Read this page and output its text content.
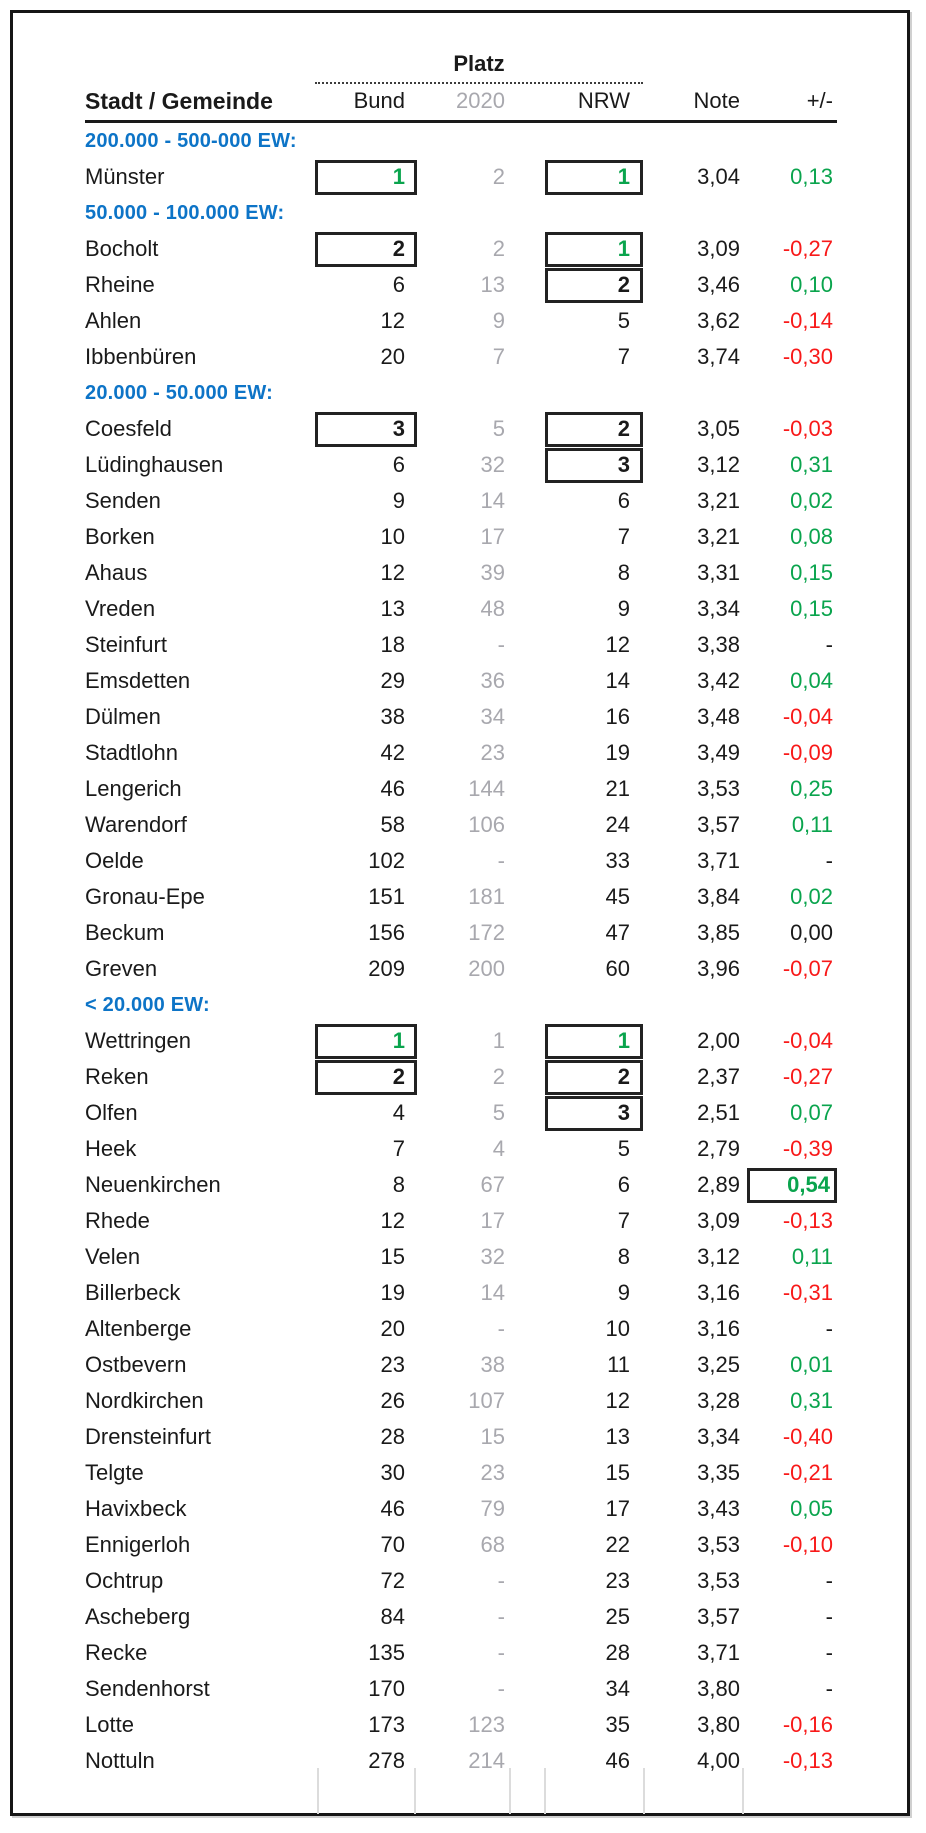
Platz
Stadt / Gemeinde	Bund	2020	NRW	Note	+/-
200.000 - 500-000 EW:
Münster	1	2	1	3,04	0,13
50.000 - 100.000 EW:
Bocholt	2	2	1	3,09	-0,27
Rheine	6	13	2	3,46	0,10
Ahlen	12	9	5	3,62	-0,14
Ibbenbüren	20	7	7	3,74	-0,30
20.000 - 50.000 EW:
Coesfeld	3	5	2	3,05	-0,03
Lüdinghausen	6	32	3	3,12	0,31
Senden	9	14	6	3,21	0,02
Borken	10	17	7	3,21	0,08
Ahaus	12	39	8	3,31	0,15
Vreden	13	48	9	3,34	0,15
Steinfurt	18	-	12	3,38	-
Emsdetten	29	36	14	3,42	0,04
Dülmen	38	34	16	3,48	-0,04
Stadtlohn	42	23	19	3,49	-0,09
Lengerich	46	144	21	3,53	0,25
Warendorf	58	106	24	3,57	0,11
Oelde	102	-	33	3,71	-
Gronau-Epe	151	181	45	3,84	0,02
Beckum	156	172	47	3,85	0,00
Greven	209	200	60	3,96	-0,07
< 20.000 EW:
Wettringen	1	1	1	2,00	-0,04
Reken	2	2	2	2,37	-0,27
Olfen	4	5	3	2,51	0,07
Heek	7	4	5	2,79	-0,39
Neuenkirchen	8	67	6	2,89	0,54
Rhede	12	17	7	3,09	-0,13
Velen	15	32	8	3,12	0,11
Billerbeck	19	14	9	3,16	-0,31
Altenberge	20	-	10	3,16	-
Ostbevern	23	38	11	3,25	0,01
Nordkirchen	26	107	12	3,28	0,31
Drensteinfurt	28	15	13	3,34	-0,40
Telgte	30	23	15	3,35	-0,21
Havixbeck	46	79	17	3,43	0,05
Ennigerloh	70	68	22	3,53	-0,10
Ochtrup	72	-	23	3,53	-
Ascheberg	84	-	25	3,57	-
Recke	135	-	28	3,71	-
Sendenhorst	170	-	34	3,80	-
Lotte	173	123	35	3,80	-0,16
Nottuln	278	214	46	4,00	-0,13
